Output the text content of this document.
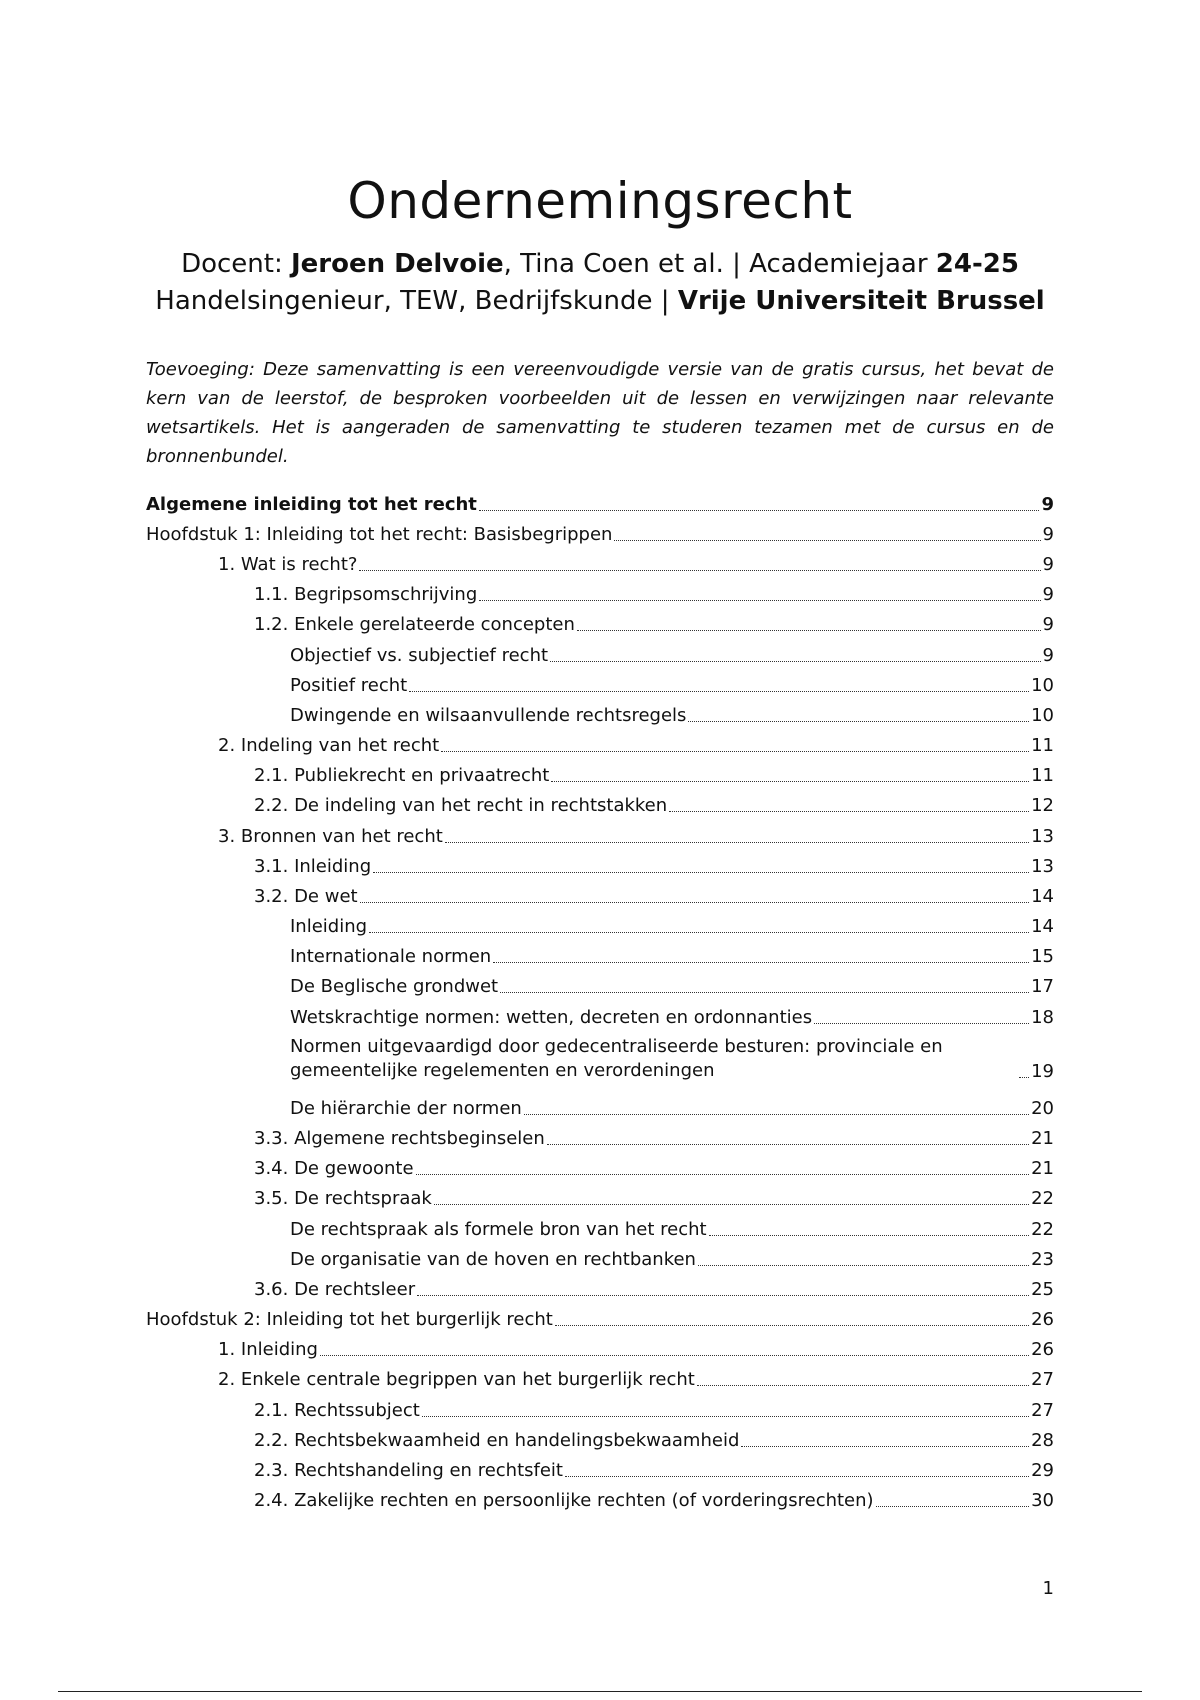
Ondernemingsrecht
Docent: Jeroen Delvoie, Tina Coen et al. | Academiejaar 24-25
Handelsingenieur, TEW, Bedrijfskunde | Vrije Universiteit Brussel
Toevoeging: Deze samenvatting is een vereenvoudigde versie van de gratis cursus, het bevat de kern van de leerstof, de besproken voorbeelden uit de lessen en verwijzingen naar relevante wetsartikels. Het is aangeraden de samenvatting te studeren tezamen met de cursus en de bronnenbundel.
Algemene inleiding tot het recht	9
Hoofdstuk 1: Inleiding tot het recht: Basisbegrippen	9
1. Wat is recht?	9
1.1. Begripsomschrijving	9
1.2. Enkele gerelateerde concepten	9
Objectief vs. subjectief recht	9
Positief recht	10
Dwingende en wilsaanvullende rechtsregels	10
2. Indeling van het recht	11
2.1. Publiekrecht en privaatrecht	11
2.2. De indeling van het recht in rechtstakken	12
3. Bronnen van het recht	13
3.1. Inleiding	13
3.2. De wet	14
Inleiding	14
Internationale normen	15
De Beglische grondwet	17
Wetskrachtige normen: wetten, decreten en ordonnanties	18
Normen uitgevaardigd door gedecentraliseerde besturen: provinciale en gemeentelijke regelementen en verordeningen	19
De hiërarchie der normen	20
3.3. Algemene rechtsbeginselen	21
3.4. De gewoonte	21
3.5. De rechtspraak	22
De rechtspraak als formele bron van het recht	22
De organisatie van de hoven en rechtbanken	23
3.6. De rechtsleer	25
Hoofdstuk 2: Inleiding tot het burgerlijk recht	26
1. Inleiding	26
2. Enkele centrale begrippen van het burgerlijk recht	27
2.1. Rechtssubject	27
2.2. Rechtsbekwaamheid en handelingsbekwaamheid	28
2.3. Rechtshandeling en rechtsfeit	29
2.4. Zakelijke rechten en persoonlijke rechten (of vorderingsrechten)	30
1
